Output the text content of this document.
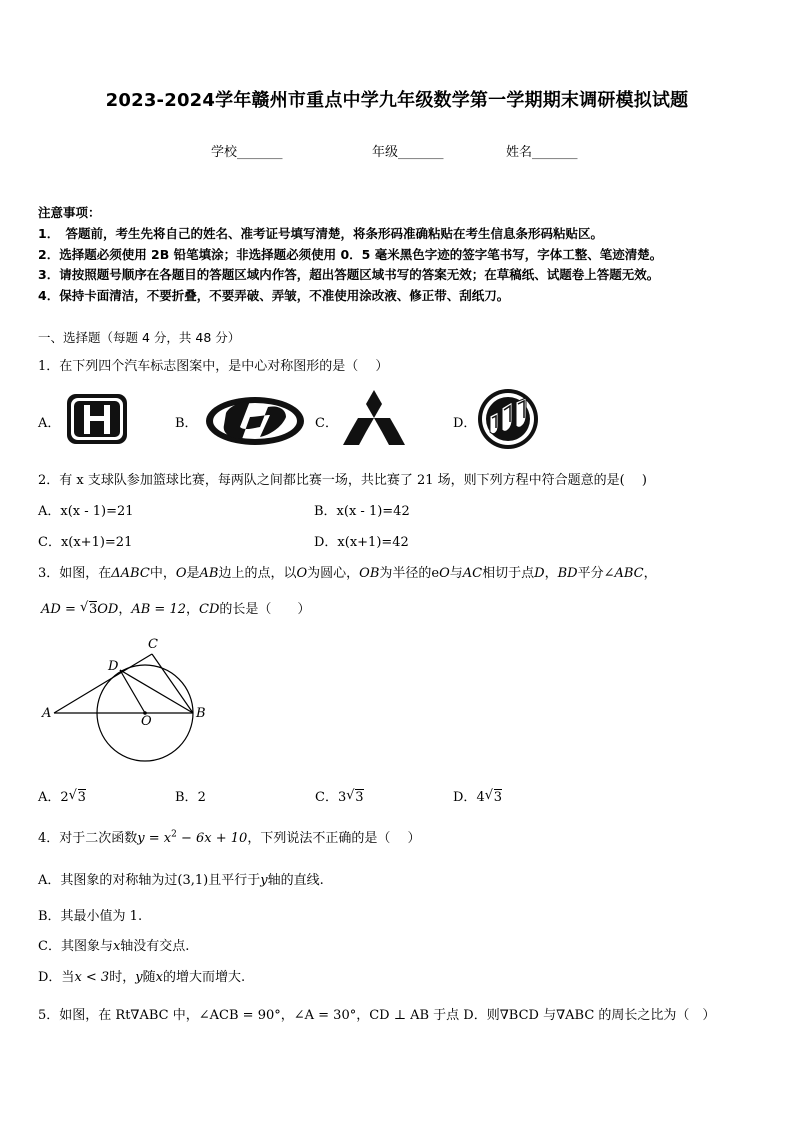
2023-2024学年赣州市重点中学九年级数学第一学期期末调研模拟试题
学校_______	年级_______	姓名_______
注意事项：
1．　答题前，考生先将自己的姓名、准考证号填写清楚，将条形码准确粘贴在考生信息条形码粘贴区。
2．选择题必须使用 2B 铅笔填涂；非选择题必须使用 0．5 毫米黑色字迹的签字笔书写，字体工整、笔迹清楚。
3．请按照题号顺序在各题目的答题区域内作答，超出答题区域书写的答案无效；在草稿纸、试题卷上答题无效。
4．保持卡面清洁，不要折叠，不要弄破、弄皱，不准使用涂改液、修正带、刮纸刀。
一、选择题（每题 4 分，共 48 分）
1．在下列四个汽车标志图案中，是中心对称图形的是（　 ）
A．	B．	C．	D．
2．有 x 支球队参加篮球比赛，每两队之间都比赛一场，共比赛了 21 场，则下列方程中符合题意的是(　 )
A．x(x - 1)=21	B．x(x - 1)=42
C．x(x+1)=21	D．x(x+1)=42
3．如图，在ΔABC中，O是AB边上的点，以O为圆心，OB为半径的eO与AC相切于点D，BD平分∠ABC，
AD = √ 3OD，AB = 12，CD的长是（　　）
A	B
C
D
O
A．2 √ 3	B．2	C．3 √ 3	D．4 √ 3
4．对于二次函数$y = x^2 - 6x + 10$，下列说法不正确的是（　 ）
A．其图象的对称轴为过(3,1)且平行于y轴的直线.
B．其最小值为 1.
C．其图象与x轴没有交点.
D．当x < 3时，y随x的增大而增大.
5．如图，在 Rt∇ABC 中，∠ACB = 90°，∠A = 30°，CD ⊥ AB 于点 D．则∇BCD 与∇ABC 的周长之比为（　）
